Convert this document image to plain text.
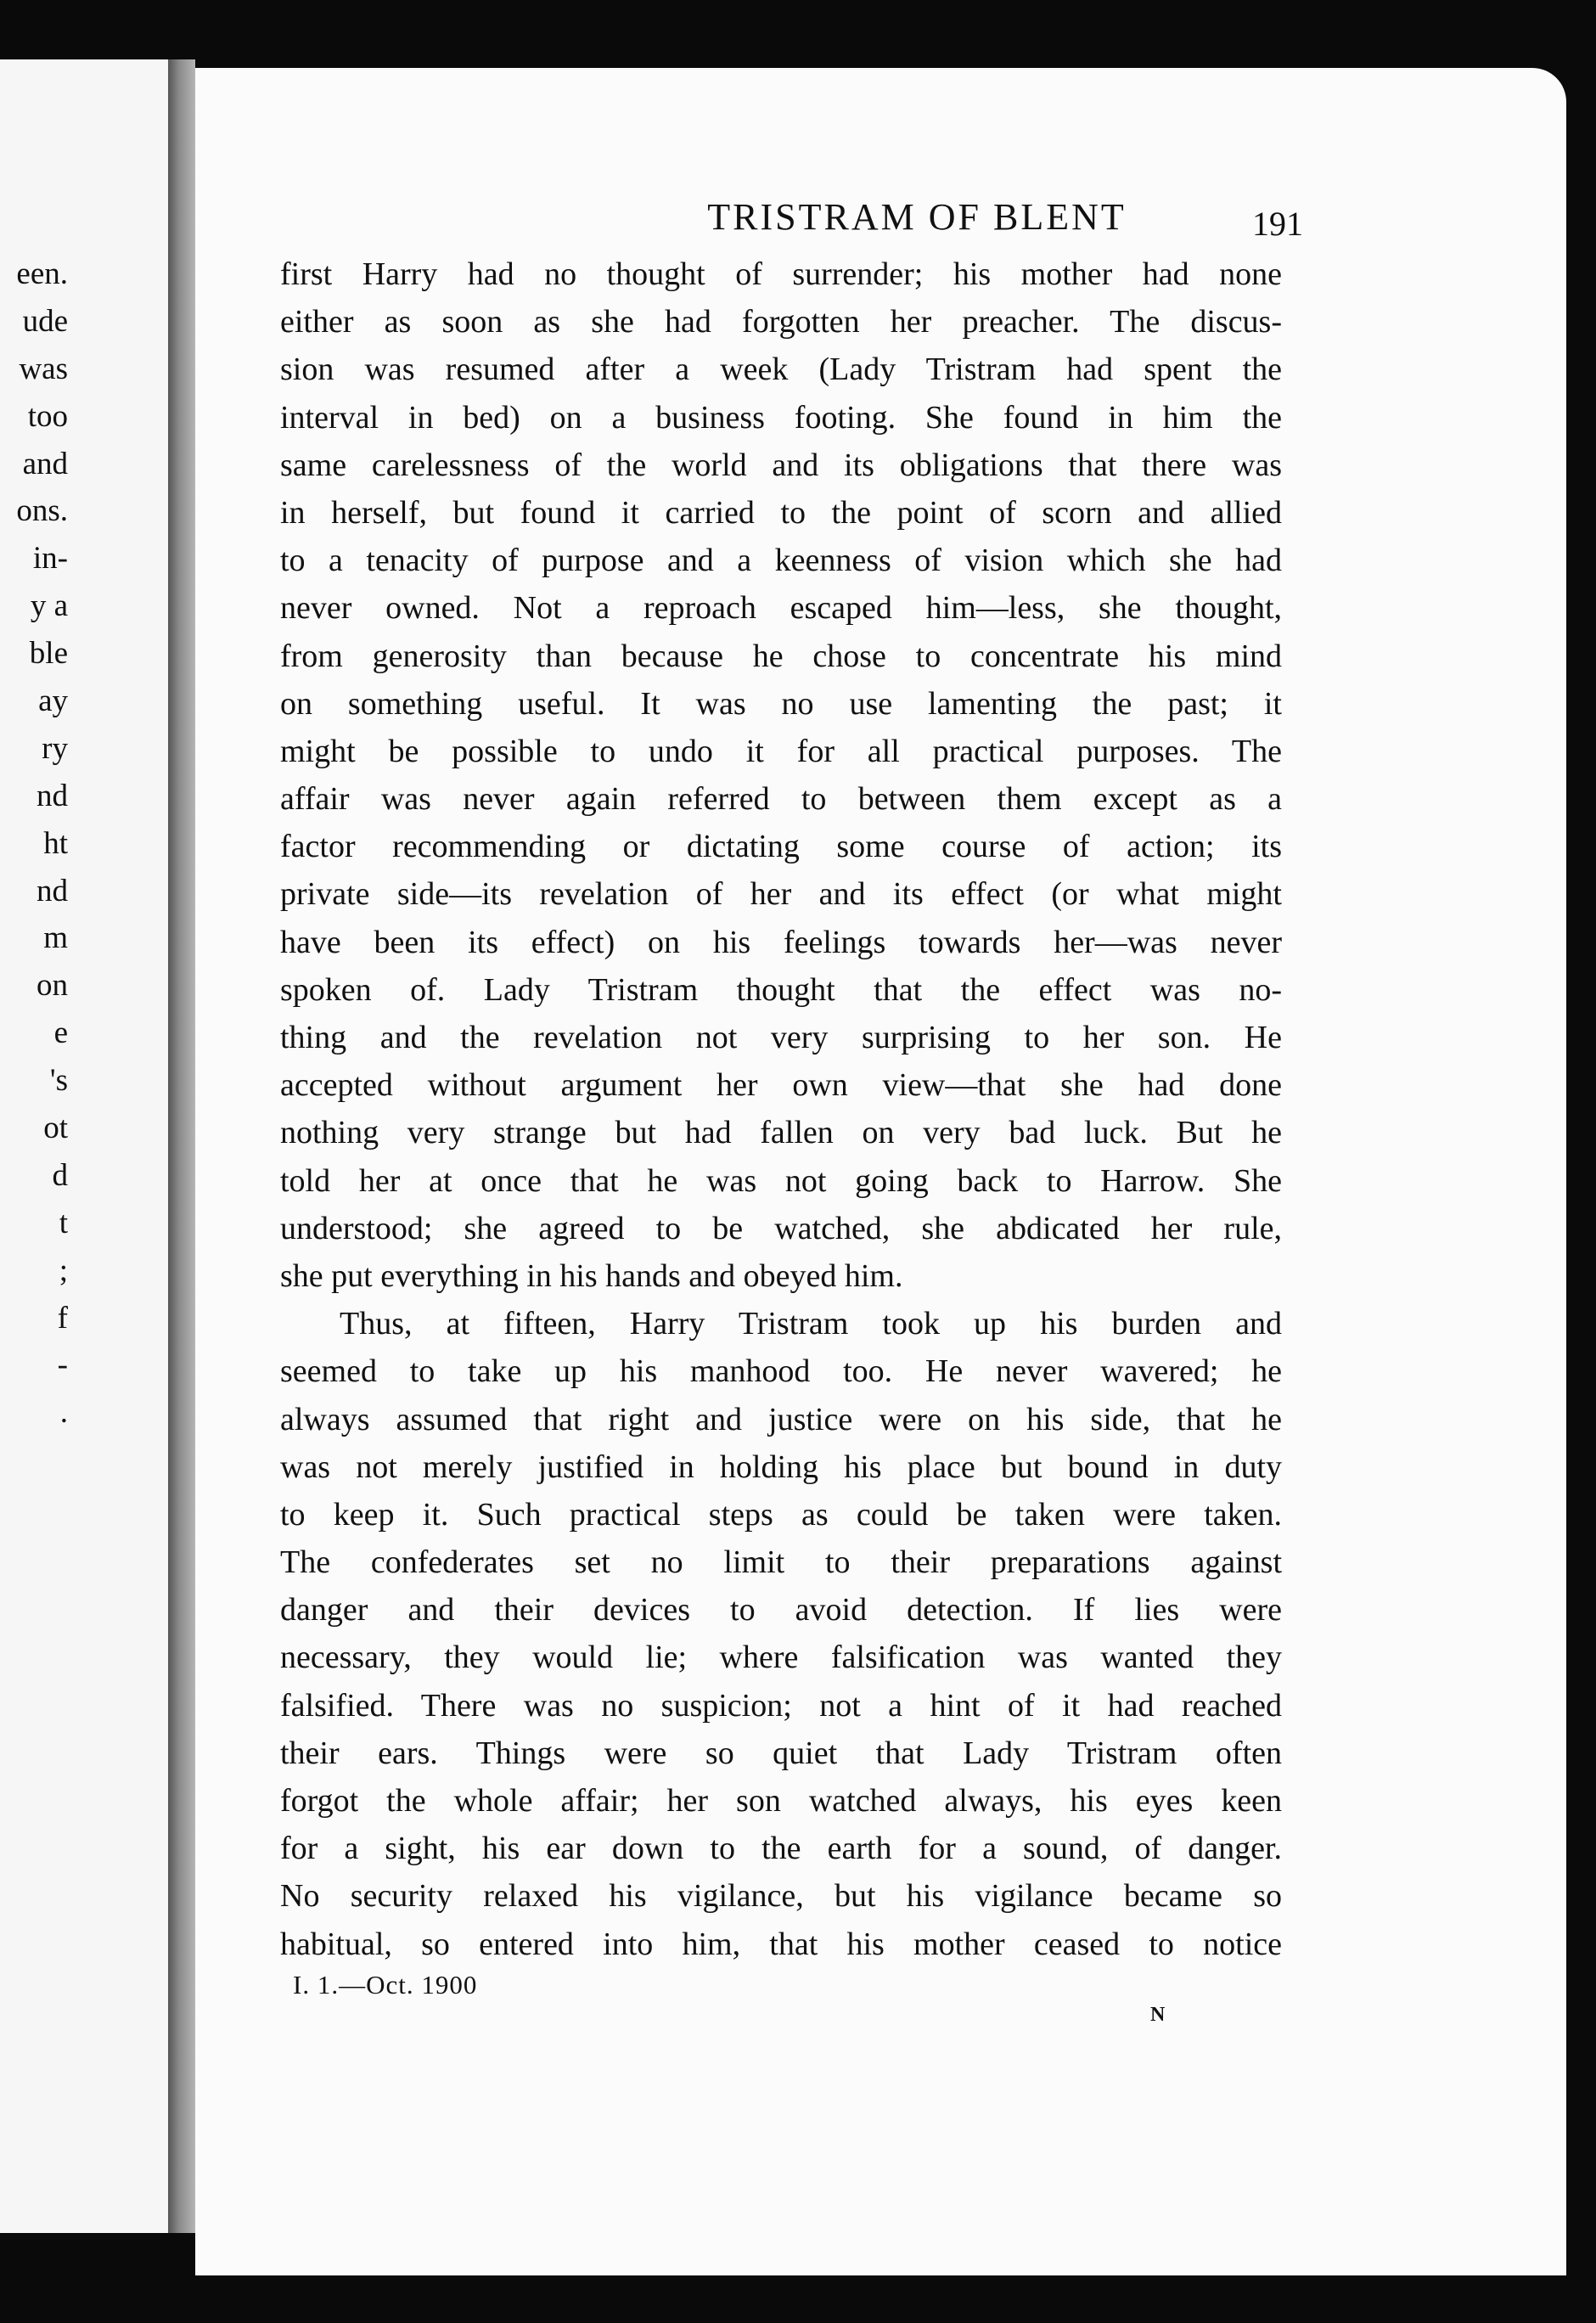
een.
ude
was
too
and
ons.
in-
y a
ble
ay
ry
nd
ht
nd
m
on
e
's
ot
d
t
;
f
-
.
TRISTRAM OF BLENT	191
first Harry had no thought of surrender; his mother had none
either as soon as she had forgotten her preacher. The discus-
sion was resumed after a week (Lady Tristram had spent the
interval in bed) on a business footing. She found in him the
same carelessness of the world and its obligations that there was
in herself, but found it carried to the point of scorn and allied
to a tenacity of purpose and a keenness of vision which she had
never owned. Not a reproach escaped him—less, she thought,
from generosity than because he chose to concentrate his mind
on something useful. It was no use lamenting the past; it
might be possible to undo it for all practical purposes. The
affair was never again referred to between them except as a
factor recommending or dictating some course of action; its
private side—its revelation of her and its effect (or what might
have been its effect) on his feelings towards her—was never
spoken of. Lady Tristram thought that the effect was no-
thing and the revelation not very surprising to her son. He
accepted without argument her own view—that she had done
nothing very strange but had fallen on very bad luck. But he
told her at once that he was not going back to Harrow. She
understood; she agreed to be watched, she abdicated her rule,
she put everything in his hands and obeyed him.
Thus, at fifteen, Harry Tristram took up his burden and
seemed to take up his manhood too. He never wavered; he
always assumed that right and justice were on his side, that he
was not merely justified in holding his place but bound in duty
to keep it. Such practical steps as could be taken were taken.
The confederates set no limit to their preparations against
danger and their devices to avoid detection. If lies were
necessary, they would lie; where falsification was wanted they
falsified. There was no suspicion; not a hint of it had reached
their ears. Things were so quiet that Lady Tristram often
forgot the whole affair; her son watched always, his eyes keen
for a sight, his ear down to the earth for a sound, of danger.
No security relaxed his vigilance, but his vigilance became so
habitual, so entered into him, that his mother ceased to notice
I. 1.—Oct. 1900
N
